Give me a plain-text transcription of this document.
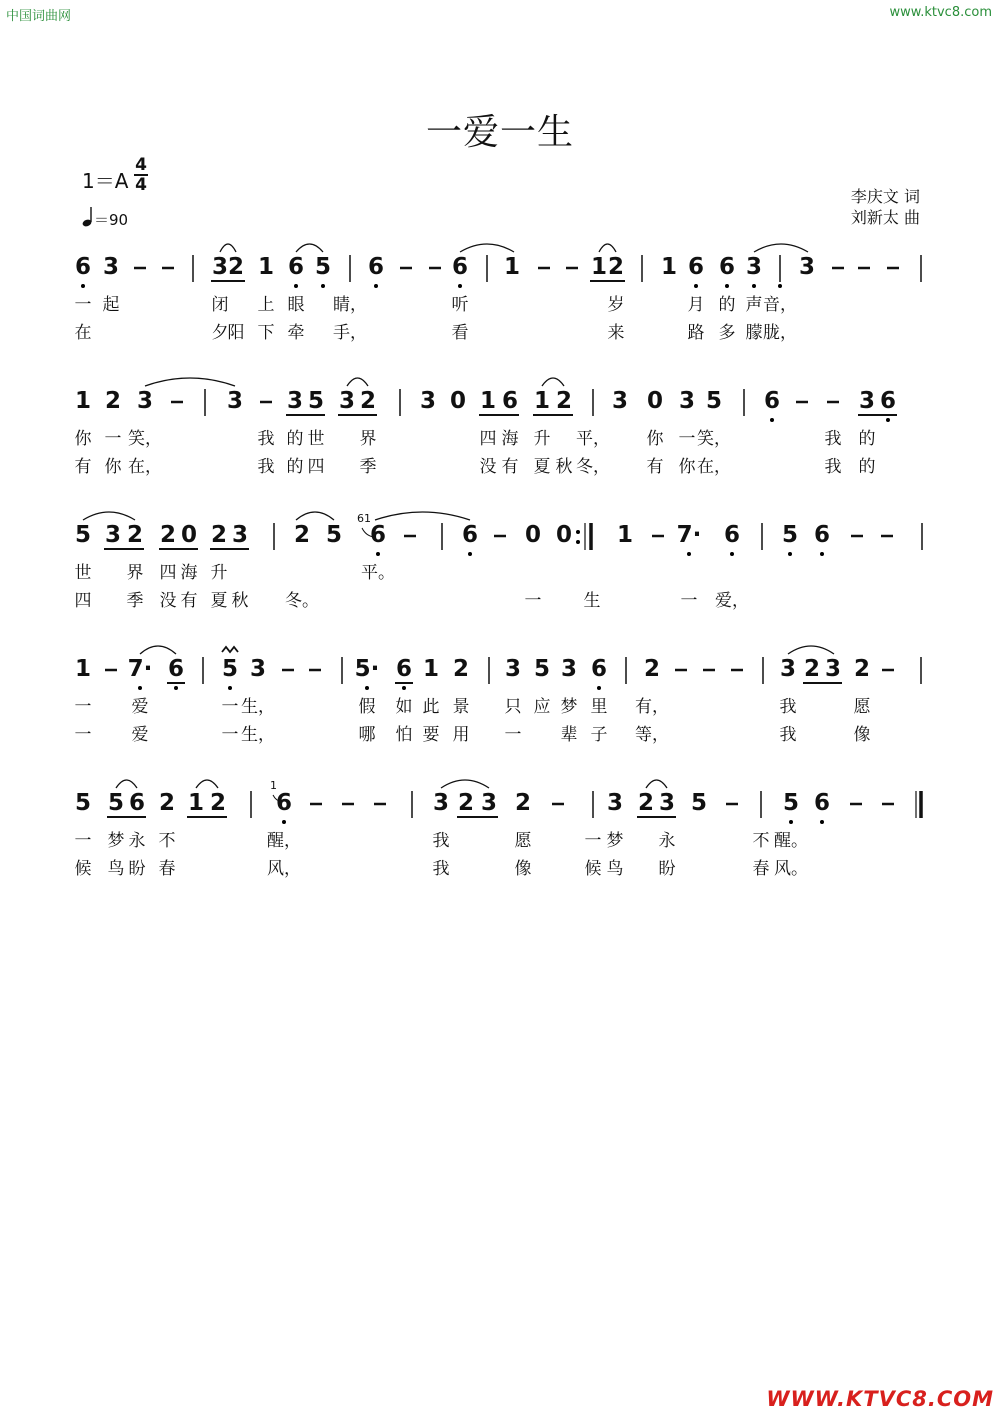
中国词曲网	www.ktvc8.com
一爱一生
1＝A
4
4
＝90
李庆文 词
刘新太 曲
6 3	3 2 1 6 5 6	6 1	1 2 1 6 6 3 3
1 2 3	3 3 5 3 2 3 0 1 6 1 2 3 0 3 5 6	3 6
5 3 2 2 0 2 3 2 5 6	6 0 0 1 7· 6 5 6
1 7· 6 5 3	5· 6 1 2 3 5 3 6 2	3 2 3 2
5 5 6 2 1 2 6	3 2 3 2	3 2 3 5	5 6
一 起	闭 上 眼 睛，	听	岁	月 的 声 音，
在	夕 阳 下 牵 手，	看	来	路 多 朦 胧，
你 一 笑，	我 的 世 界	四 海 升 平， 你 一 笑，	我 的
有 你 在，	我 的 四 季	没 有 夏 秋 冬， 有 你 在，	我 的
世 界 四 海 升	平。
四 季 没 有 夏 秋 冬。	一 生	一 爱，
一 爱	一 生，	假 如 此 景 只 应 梦 里 有，	我	愿
一 爱	一 生，	哪 怕 要 用 一 辈 子 等，	我	像
一 梦 永 不	醒，	我	愿	一 梦 永	不 醒。
候 鸟 盼 春	风，	我	像	候 鸟 盼	春 风。
61
1
WWW.KTVC8.COM
